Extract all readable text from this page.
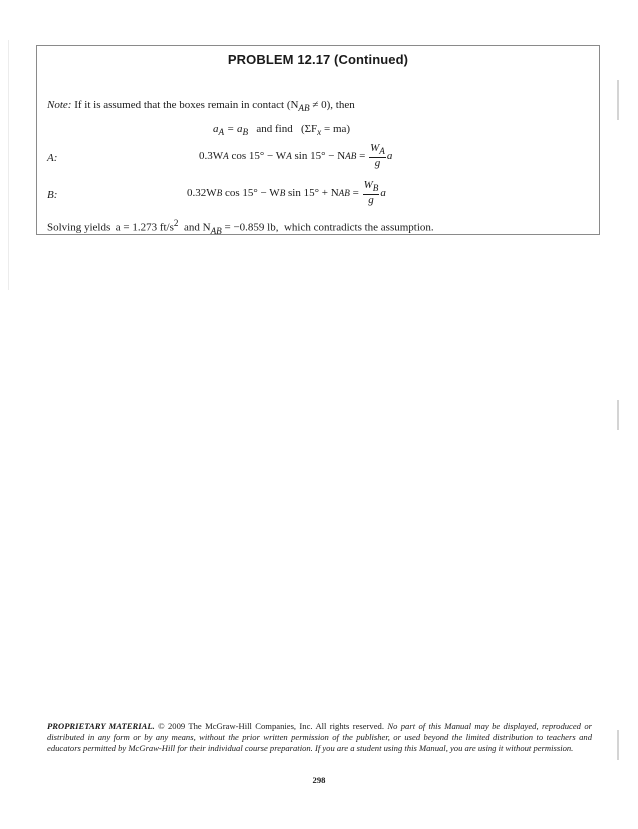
PROBLEM 12.17 (Continued)
Note: If it is assumed that the boxes remain in contact $(N_{AB} \ne 0)$, then
$a_A = a_B$   and find   $(\Sigma F_x = ma)$
A:	0.3W A cos 15° − W A sin 15° − N AB = $\frac{W_A}{g}$ a
B:	0.32W B cos 15° − W B sin 15° + N AB = $\frac{W_B}{g}$ a
Solving yields  a = 1.273 $ft/s^2$  and $N_{AB} = -0.859$ lb,  which contradicts the assumption.
PROPRIETARY MATERIAL. © 2009 The McGraw-Hill Companies, Inc. All rights reserved. No part of this Manual may be displayed, reproduced or distributed in any form or by any means, without the prior written permission of the publisher, or used beyond the limited distribution to teachers and educators permitted by McGraw-Hill for their individual course preparation. If you are a student using this Manual, you are using it without permission.
298
